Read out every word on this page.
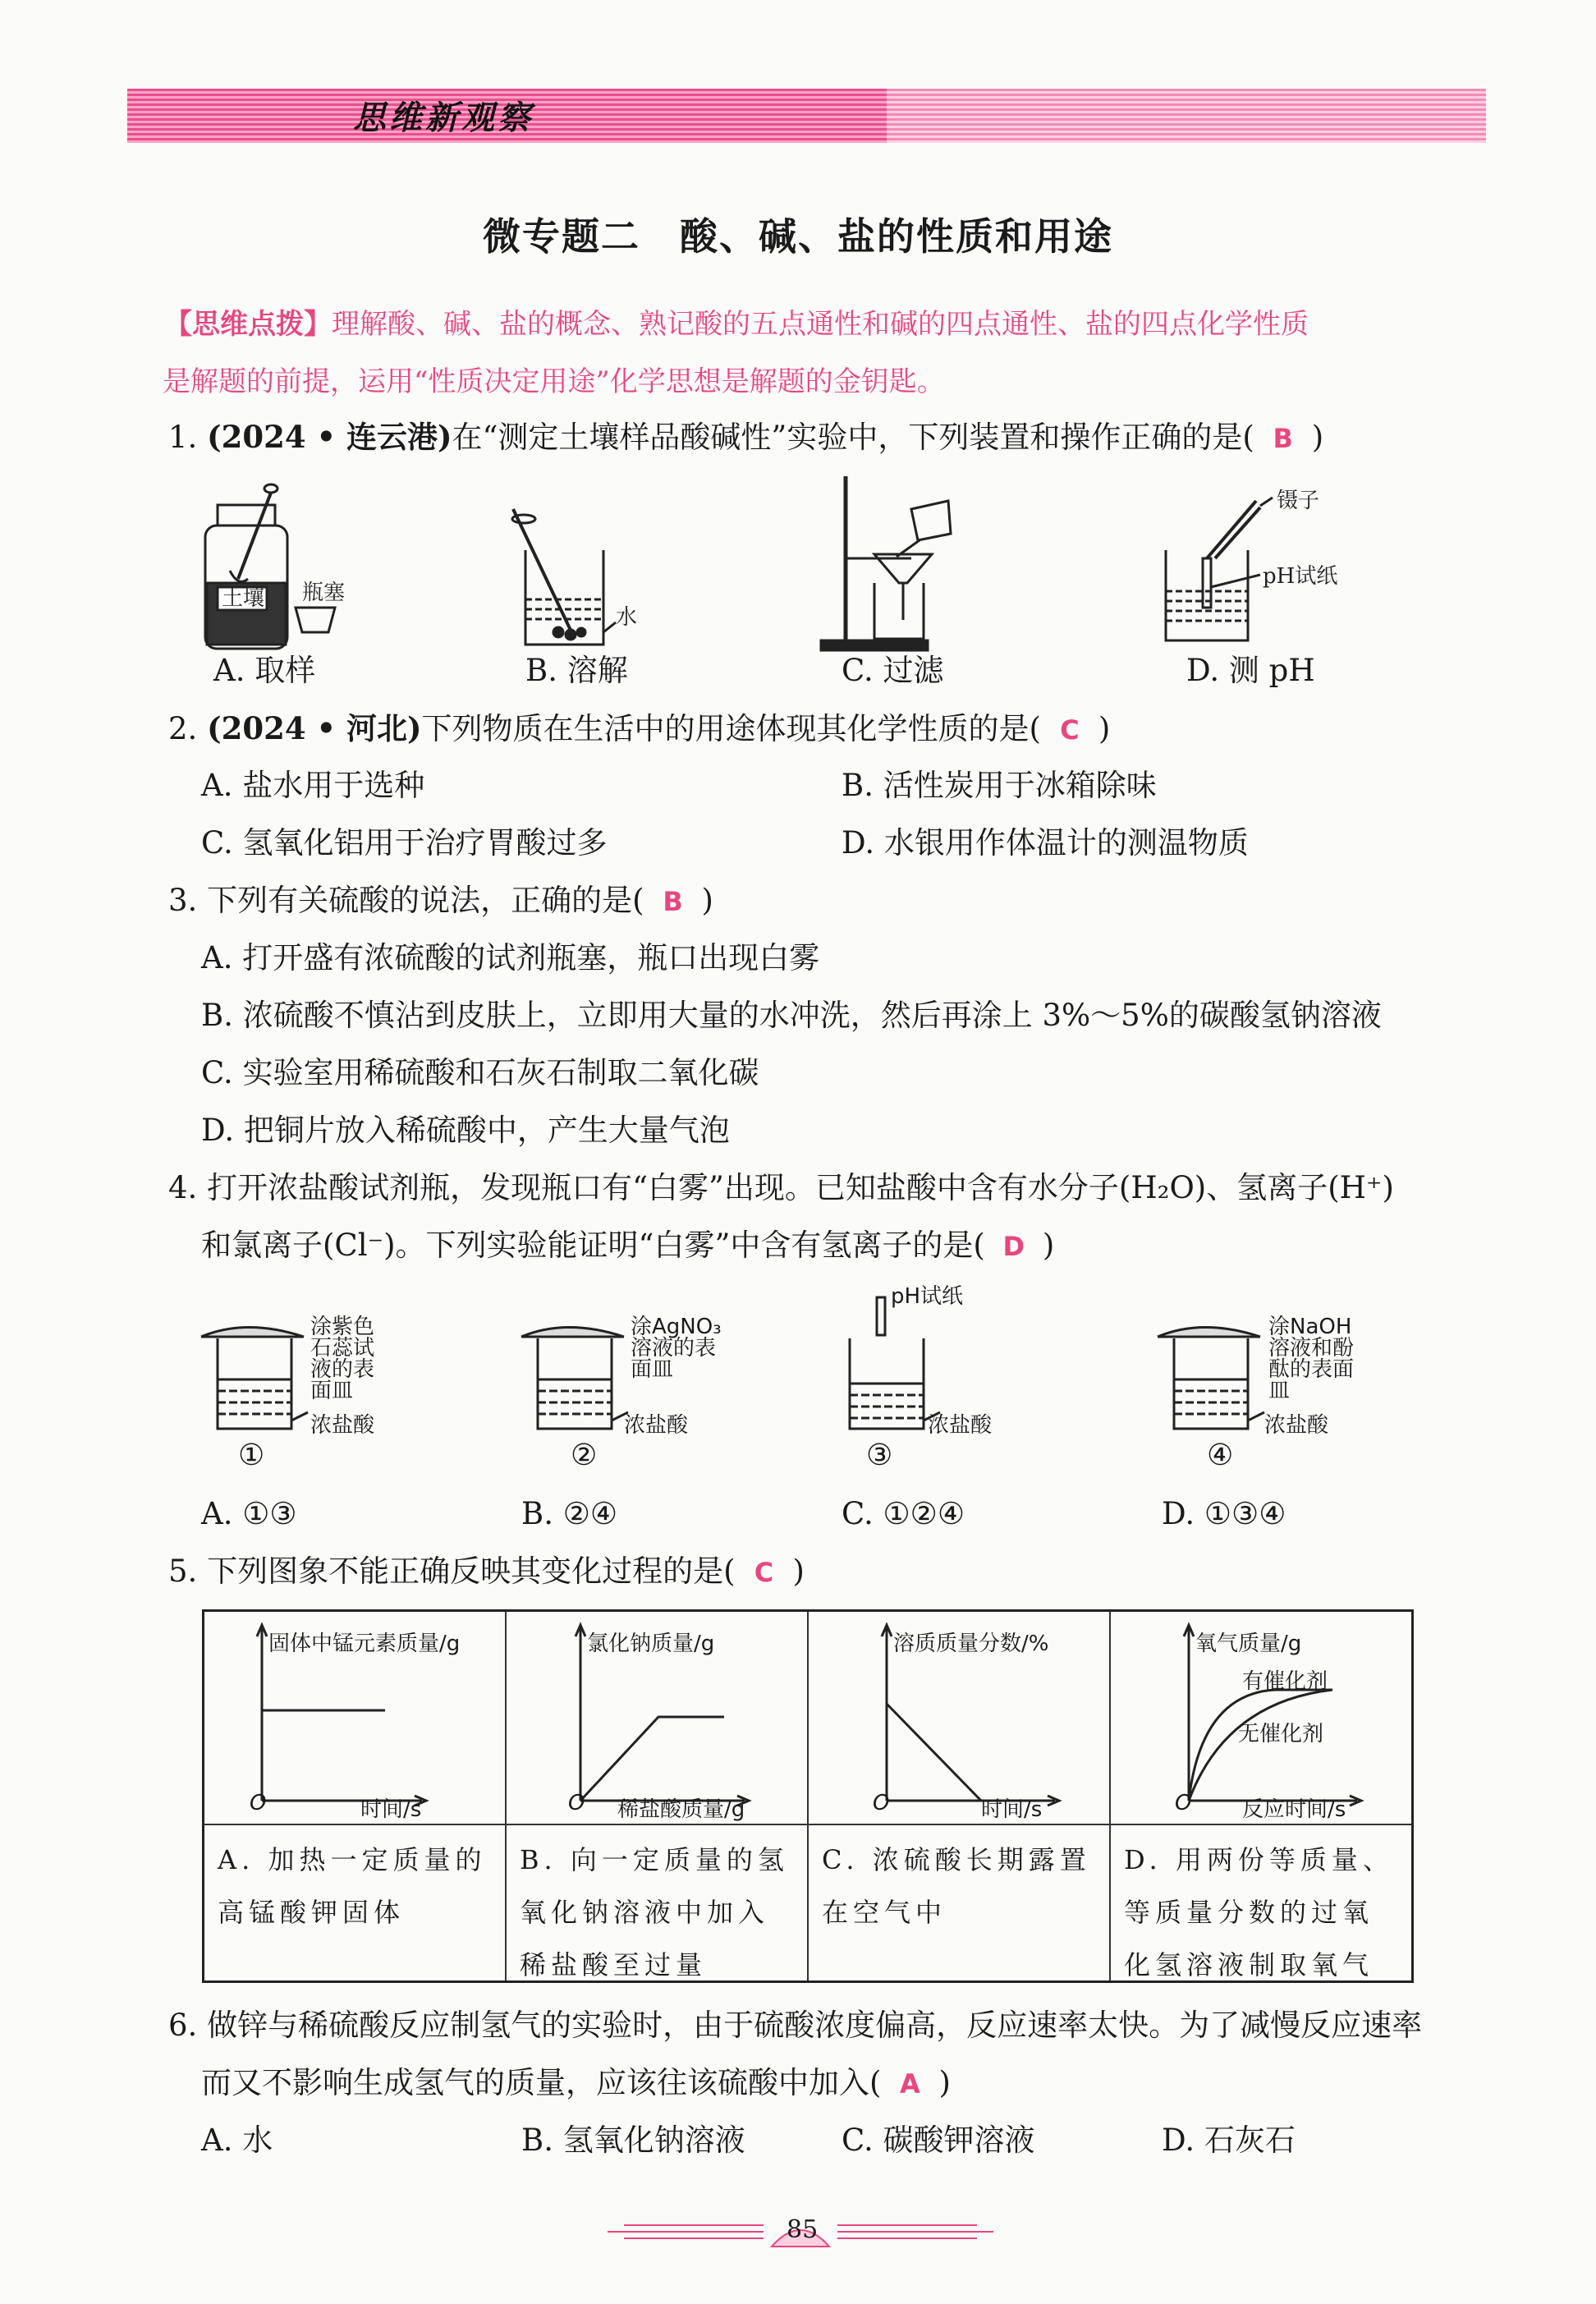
思维新观察
微专题二　酸、碱、盐的性质和用途
【思维点拨】理解酸、碱、盐的概念、熟记酸的五点通性和碱的四点通性、盐的四点化学性质
是解题的前提，运用“性质决定用途”化学思想是解题的金钥匙。
1. (2024 • 连云港)在“测定土壤样品酸碱性”实验中，下列装置和操作正确的是( B )
土壤 瓶塞
水
镊子
pH试纸
A. 取样	B. 溶解	C. 过滤	D. 测 pH
2. (2024 • 河北)下列物质在生活中的用途体现其化学性质的是( C )
A. 盐水用于选种	B. 活性炭用于冰箱除味
C. 氢氧化铝用于治疗胃酸过多	D. 水银用作体温计的测温物质
3. 下列有关硫酸的说法，正确的是( B )
A. 打开盛有浓硫酸的试剂瓶塞，瓶口出现白雾
B. 浓硫酸不慎沾到皮肤上，立即用大量的水冲洗，然后再涂上 3%～5%的碳酸氢钠溶液
C. 实验室用稀硫酸和石灰石制取二氧化碳
D. 把铜片放入稀硫酸中，产生大量气泡
4. 打开浓盐酸试剂瓶，发现瓶口有“白雾”出现。已知盐酸中含有水分子(H₂O)、氢离子(H⁺)
和氯离子(Cl⁻)。下列实验能证明“白雾”中含有氢离子的是( D )
涂紫色石蕊试液的表面皿
浓盐酸
①
涂AgNO₃溶液的表面皿
浓盐酸
②
pH试纸
浓盐酸
③
涂NaOH溶液和酚酞的表面皿
浓盐酸
④
A. ①③	B. ②④	C. ①②④	D. ①③④
5. 下列图象不能正确反映其变化过程的是( C )
固体中锰元素质量/g
O	时间/s
A. 加热一定质量的高锰酸钾固体
氯化钠质量/g
O 稀盐酸质量/g
B. 向一定质量的氢氧化钠溶液中加入稀盐酸至过量
溶质质量分数/%
O	时间/s
C. 浓硫酸长期露置在空气中
氧气质量/g
有催化剂
无催化剂
O 反应时间/s
D. 用两份等质量、等质量分数的过氧化氢溶液制取氧气
6. 做锌与稀硫酸反应制氢气的实验时，由于硫酸浓度偏高，反应速率太快。为了减慢反应速率
而又不影响生成氢气的质量，应该往该硫酸中加入( A )
A. 水	B. 氢氧化钠溶液	C. 碳酸钾溶液	D. 石灰石
85
